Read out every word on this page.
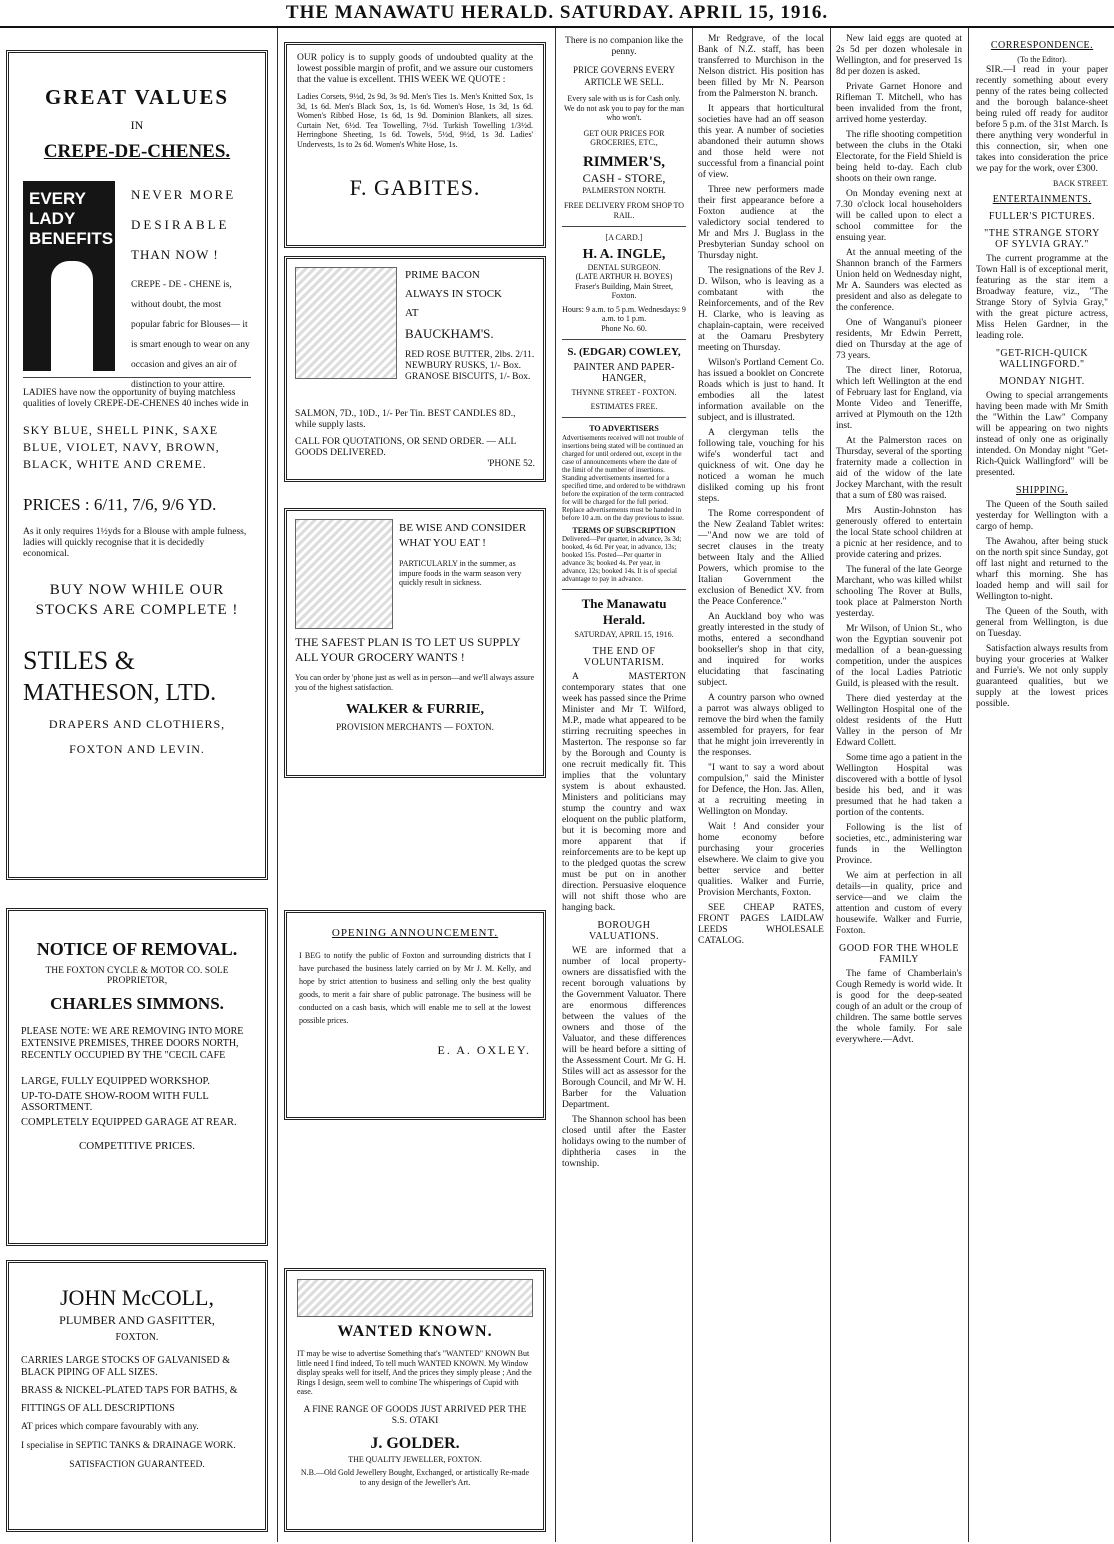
THE MANAWATU HERALD. SATURDAY. APRIL 15, 1916.
GREAT VALUES
IN
CREPE-DE-CHENES.
EVERY LADY BENEFITS
NEVER MORE
DESIRABLE
THAN NOW !
CREPE - DE - CHENE is, without doubt, the most popular fabric for Blouses— it is smart enough to wear on any occasion and gives an air of distinction to your attire.
LADIES have now the opportunity of buying matchless qualities of lovely CREPE-DE-CHENES 40 inches wide in
SKY BLUE, SHELL PINK, SAXE BLUE, VIOLET, NAVY, BROWN, BLACK, WHITE AND CREME.
PRICES : 6/11, 7/6, 9/6 YD.
As it only requires 1½yds for a Blouse with ample fulness, ladies will quickly recognise that it is decidedly economical.
BUY NOW WHILE OUR STOCKS ARE COMPLETE !
STILES &
MATHESON, LTD.
DRAPERS AND CLOTHIERS,
FOXTON AND LEVIN.
NOTICE OF REMOVAL.
THE FOXTON CYCLE & MOTOR CO. SOLE PROPRIETOR,
CHARLES SIMMONS.
PLEASE NOTE: WE ARE REMOVING INTO MORE EXTENSIVE PREMISES, THREE DOORS NORTH, RECENTLY OCCUPIED BY THE "CECIL CAFE
LARGE, FULLY EQUIPPED WORKSHOP.
UP-TO-DATE SHOW-ROOM WITH FULL ASSORTMENT.
COMPLETELY EQUIPPED GARAGE AT REAR.
COMPETITIVE PRICES.
JOHN McCOLL,
PLUMBER AND GASFITTER,
FOXTON.
CARRIES LARGE STOCKS OF GALVANISED & BLACK PIPING OF ALL SIZES.
BRASS & NICKEL-PLATED TAPS FOR BATHS, &
FITTINGS OF ALL DESCRIPTIONS
AT prices which compare favourably with any.
I specialise in SEPTIC TANKS & DRAINAGE WORK.
SATISFACTION GUARANTEED.
OUR policy is to supply goods of undoubted quality at the lowest possible margin of profit, and we assure our customers that the value is excellent. THIS WEEK WE QUOTE :
Ladies Corsets, 9½d, 2s 9d, 3s 9d. Men's Ties 1s. Men's Knitted Sox, 1s 3d, 1s 6d. Men's Black Sox, 1s, 1s 6d. Women's Hose, 1s 3d, 1s 6d. Women's Ribbed Hose, 1s 6d, 1s 9d. Dominion Blankets, all sizes. Curtain Net, 6½d. Tea Towelling, 7½d. Turkish Towelling 1/3½d. Herringbone Sheeting, 1s 6d. Towels, 5½d, 9½d, 1s 3d. Ladies' Undervests, 1s to 2s 6d. Women's White Hose, 1s.
F. GABITES.
PRIME BACON
ALWAYS IN STOCK
AT
BAUCKHAM'S.
RED ROSE BUTTER, 2lbs. 2/11.
NEWBURY RUSKS, 1/- Box.
GRANOSE BISCUITS, 1/- Box.
SALMON, 7D., 10D., 1/- Per Tin. BEST CANDLES 8D., while supply lasts.
CALL FOR QUOTATIONS, OR SEND ORDER. — ALL GOODS DELIVERED.
'PHONE 52.
BE WISE AND CONSIDER WHAT YOU EAT !
PARTICULARLY in the summer, as impure foods in the warm season very quickly result in sickness.
THE SAFEST PLAN IS TO LET US SUPPLY ALL YOUR GROCERY WANTS !
You can order by 'phone just as well as in person—and we'll always assure you of the highest satisfaction.
WALKER & FURRIE,
PROVISION MERCHANTS — FOXTON.
OPENING ANNOUNCEMENT.
I BEG to notify the public of Foxton and surrounding districts that I have purchased the business lately carried on by Mr J. M. Kelly, and hope by strict attention to business and selling only the best quality goods, to merit a fair share of public patronage. The business will be conducted on a cash basis, which will enable me to sell at the lowest possible prices.
E. A. OXLEY.
WANTED KNOWN.
IT may be wise to advertise Something that's "WANTED" KNOWN But little need I find indeed, To tell much WANTED KNOWN. My Window display speaks well for itself, And the prices they simply please ; And the Rings I design, seem well to combine The whisperings of Cupid with ease.
A FINE RANGE OF GOODS JUST ARRIVED PER THE S.S. OTAKI
J. GOLDER.
THE QUALITY JEWELLER, FOXTON.
N.B.—Old Gold Jewellery Bought, Exchanged, or artistically Re-made to any design of the Jeweller's Art.
There is no companion like the penny.
PRICE GOVERNS EVERY ARTICLE WE SELL.
Every sale with us is for Cash only. We do not ask you to pay for the man who won't.
GET OUR PRICES FOR GROCERIES, ETC.,
RIMMER'S,
CASH - STORE,
PALMERSTON NORTH.
FREE DELIVERY FROM SHOP TO RAIL.
[A CARD.]
H. A. INGLE,
DENTAL SURGEON.
(LATE ARTHUR H. BOYES)
Fraser's Building, Main Street, Foxton.
Hours: 9 a.m. to 5 p.m. Wednesdays: 9 a.m. to 1 p.m.
Phone No. 60.
S. (EDGAR) COWLEY,
PAINTER AND PAPER-HANGER,
THYNNE STREET - FOXTON.
ESTIMATES FREE.
TO ADVERTISERS
Advertisements received will not trouble of insertions being stated will be continued an charged for until ordered out, except in the case of announcements where the date of the limit of the number of insertions. Standing advertisements inserted for a specified time, and ordered to be withdrawn before the expiration of the term contracted for will be charged for the full period. Replace advertisements must be handed in before 10 a.m. on the day previous to issue.
TERMS OF SUBSCRIPTION
Delivered—Per quarter, in advance, 3s 3d; booked, 4s 6d. Per year, in advance, 13s; booked 15s. Posted—Per quarter in advance 3s; booked 4s. Per year, in advance, 12s; booked 14s. It is of special advantage to pay in advance.
The Manawatu Herald.
SATURDAY, APRIL 15, 1916.
THE END OF VOLUNTARISM.

A MASTERTON contemporary states that one week has passed since the Prime Minister and Mr T. Wilford, M.P., made what appeared to be stirring recruiting speeches in Masterton. The response so far by the Borough and County is one recruit medically fit. This implies that the voluntary system is about exhausted. Ministers and politicians may stump the country and wax eloquent on the public platform, but it is becoming more and more apparent that if reinforcements are to be kept up to the pledged quotas the screw must be put on in another direction. Persuasive eloquence will not shift those who are hanging back.

BOROUGH VALUATIONS.

WE are informed that a number of local property-owners are dissatisfied with the recent borough valuations by the Government Valuator. There are enormous differences between the values of the owners and those of the Valuator, and these differences will be heard before a sitting of the Assessment Court. Mr G. H. Stiles will act as assessor for the Borough Council, and Mr W. H. Barber for the Valuation Department.

The Shannon school has been closed until after the Easter holidays owing to the number of diphtheria cases in the township.

Mr Redgrave, of the local Bank of N.Z. staff, has been transferred to Murchison in the Nelson district. His position has been filled by Mr N. Pearson from the Palmerston N. branch.

It appears that horticultural societies have had an off season this year. A number of societies abandoned their autumn shows and those held were not successful from a financial point of view.

Three new performers made their first appearance before a Foxton audience at the valedictory social tendered to Mr and Mrs J. Buglass in the Presbyterian Sunday school on Thursday night.

The resignations of the Rev J. D. Wilson, who is leaving as a combatant with the Reinforcements, and of the Rev H. Clarke, who is leaving as chaplain-captain, were received at the Oamaru Presbytery meeting on Thursday.

Wilson's Portland Cement Co. has issued a booklet on Concrete Roads which is just to hand. It embodies all the latest information available on the subject, and is illustrated.

A clergyman tells the following tale, vouching for his wife's wonderful tact and quickness of wit. One day he noticed a woman he much disliked coming up his front steps.

The Rome correspondent of the New Zealand Tablet writes:—"And now we are told of secret clauses in the treaty between Italy and the Allied Powers, which promise to the Italian Government the exclusion of Benedict XV. from the Peace Conference."

An Auckland boy who was greatly interested in the study of moths, entered a secondhand bookseller's shop in that city, and inquired for works elucidating that fascinating subject.

A country parson who owned a parrot was always obliged to remove the bird when the family assembled for prayers, for fear that he might join irreverently in the responses.

"I want to say a word about compulsion," said the Minister for Defence, the Hon. Jas. Allen, at a recruiting meeting in Wellington on Monday.

Wait ! And consider your home economy before purchasing your groceries elsewhere. We claim to give you better service and better qualities. Walker and Furrie, Provision Merchants, Foxton.

SEE CHEAP RATES, FRONT PAGES LAIDLAW LEEDS WHOLESALE CATALOG.

New laid eggs are quoted at 2s 5d per dozen wholesale in Wellington, and for preserved 1s 8d per dozen is asked.

Private Garnet Honore and Rifleman T. Mitchell, who has been invalided from the front, arrived home yesterday.

The rifle shooting competition between the clubs in the Otaki Electorate, for the Field Shield is being held to-day. Each club shoots on their own range.

On Monday evening next at 7.30 o'clock local householders will be called upon to elect a school committee for the ensuing year.

At the annual meeting of the Shannon branch of the Farmers Union held on Wednesday night, Mr A. Saunders was elected as president and also as delegate to the conference.

One of Wanganui's pioneer residents, Mr Edwin Perrett, died on Thursday at the age of 73 years.

The direct liner, Rotorua, which left Wellington at the end of February last for England, via Monte Video and Teneriffe, arrived at Plymouth on the 12th inst.

At the Palmerston races on Thursday, several of the sporting fraternity made a collection in aid of the widow of the late Jockey Marchant, with the result that a sum of £80 was raised.

Mrs Austin-Johnston has generously offered to entertain the local State school children at a picnic at her residence, and to provide catering and prizes.

The funeral of the late George Marchant, who was killed whilst schooling The Rover at Bulls, took place at Palmerston North yesterday.

Mr Wilson, of Union St., who won the Egyptian souvenir pot medallion of a bean-guessing competition, under the auspices of the local Ladies Patriotic Guild, is pleased with the result.

There died yesterday at the Wellington Hospital one of the oldest residents of the Hutt Valley in the person of Mr Edward Collett.

Some time ago a patient in the Wellington Hospital was discovered with a bottle of lysol beside his bed, and it was presumed that he had taken a portion of the contents.

Following is the list of societies, etc., administering war funds in the Wellington Province.

We aim at perfection in all details—in quality, price and service—and we claim the attention and custom of every housewife. Walker and Furrie, Foxton.

GOOD FOR THE WHOLE FAMILY

The fame of Chamberlain's Cough Remedy is world wide. It is good for the deep-seated cough of an adult or the croup of children. The same bottle serves the whole family. For sale everywhere.—Advt.

CORRESPONDENCE.
(To the Editor).

SIR.—I read in your paper recently something about every penny of the rates being collected and the borough balance-sheet being ruled off ready for auditor before 5 p.m. of the 31st March. Is there anything very wonderful in this connection, sir, when one takes into consideration the price we pay for the work, over £300.

BACK STREET.
ENTERTAINMENTS.
FULLER'S PICTURES.
"THE STRANGE STORY OF SYLVIA GRAY."

The current programme at the Town Hall is of exceptional merit, featuring as the star item a Broadway feature, viz., "The Strange Story of Sylvia Gray," with the great picture actress, Miss Helen Gardner, in the leading role.

"GET-RICH-QUICK WALLINGFORD."
MONDAY NIGHT.

Owing to special arrangements having been made with Mr Smith the "Within the Law" Company will be appearing on two nights instead of only one as originally intended. On Monday night "Get-Rich-Quick Wallingford" will be presented.

SHIPPING.

The Queen of the South sailed yesterday for Wellington with a cargo of hemp.

The Awahou, after being stuck on the north spit since Sunday, got off last night and returned to the wharf this morning. She has loaded hemp and will sail for Wellington to-night.

The Queen of the South, with general from Wellington, is due on Tuesday.

Satisfaction always results from buying your groceries at Walker and Furrie's. We not only supply guaranteed qualities, but we supply at the lowest prices possible.
